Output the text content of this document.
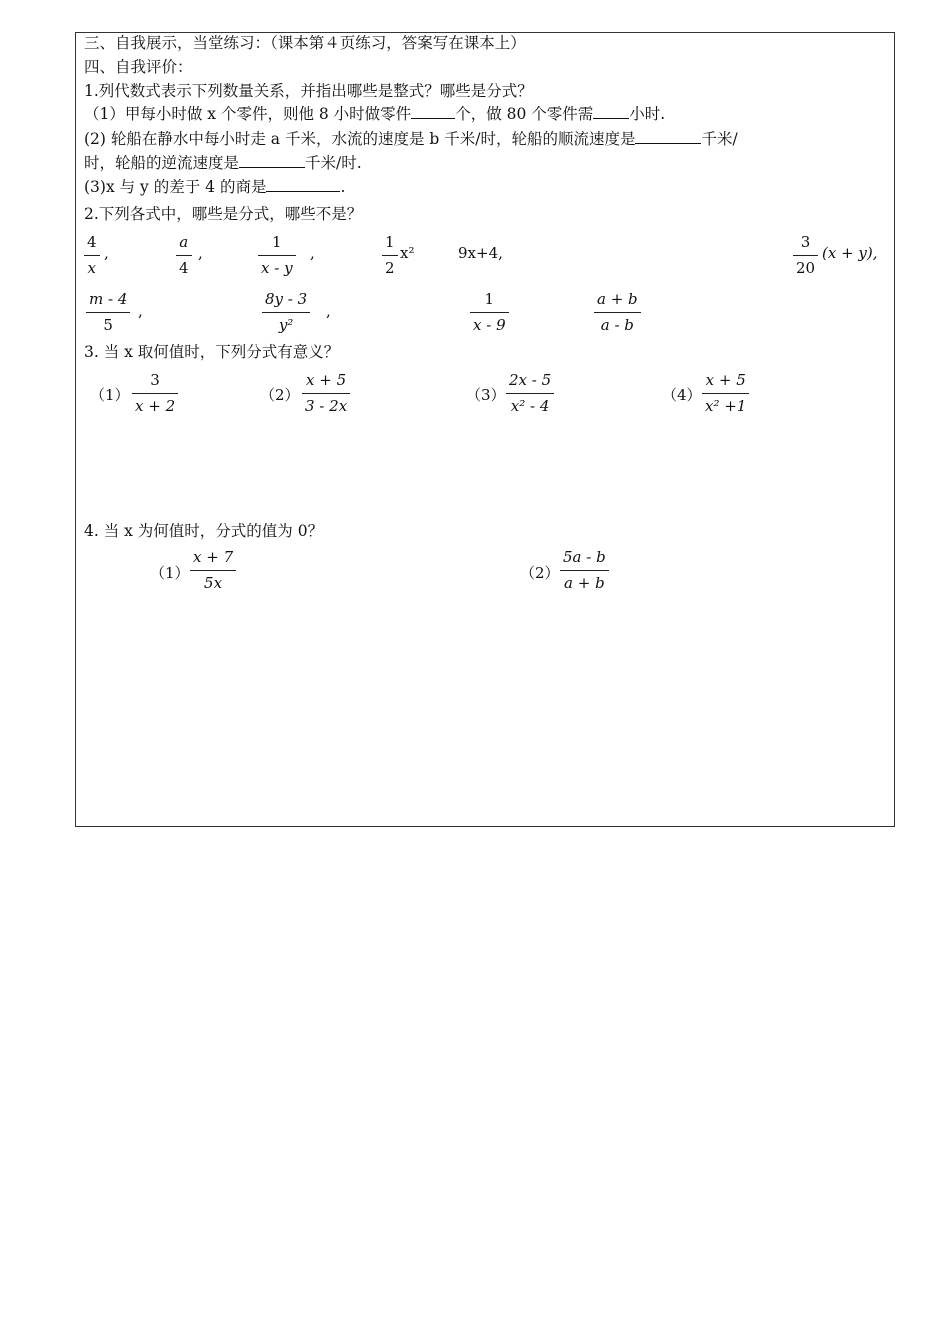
三、自我展示，当堂练习：（课本第４页练习，答案写在课本上）
四、自我评价：
1.列代数式表示下列数量关系，并指出哪些是整式？哪些是分式？
（1）甲每小时做 x 个零件，则他 8 小时做零件	个，做 80 个零件需 小时.
(2) 轮船在静水中每小时走 a 千米，水流的速度是 b 千米/时，轮船的顺流速度是	千米/
时，轮船的逆流速度是	千米/时.
(3)x 与 y 的差于 4 的商是	.
2.下列各式中，哪些是分式，哪些不是？
4
x
,
a
4
,
1
x - y
,
1
2
x²	9x+4,
3
20
(x + y),
m - 4
5
,
8y - 3
y²
,
1
x - 9
a + b
a - b
3. 当 x 取何值时，下列分式有意义？
（1）
3
x + 2
（2）
x + 5
3 - 2x
（3）
2x - 5
x² - 4
（4）
x + 5
x² +1
4. 当 x 为何值时，分式的值为 0？
（1）
x + 7
5x
（2）
5a - b
a + b
